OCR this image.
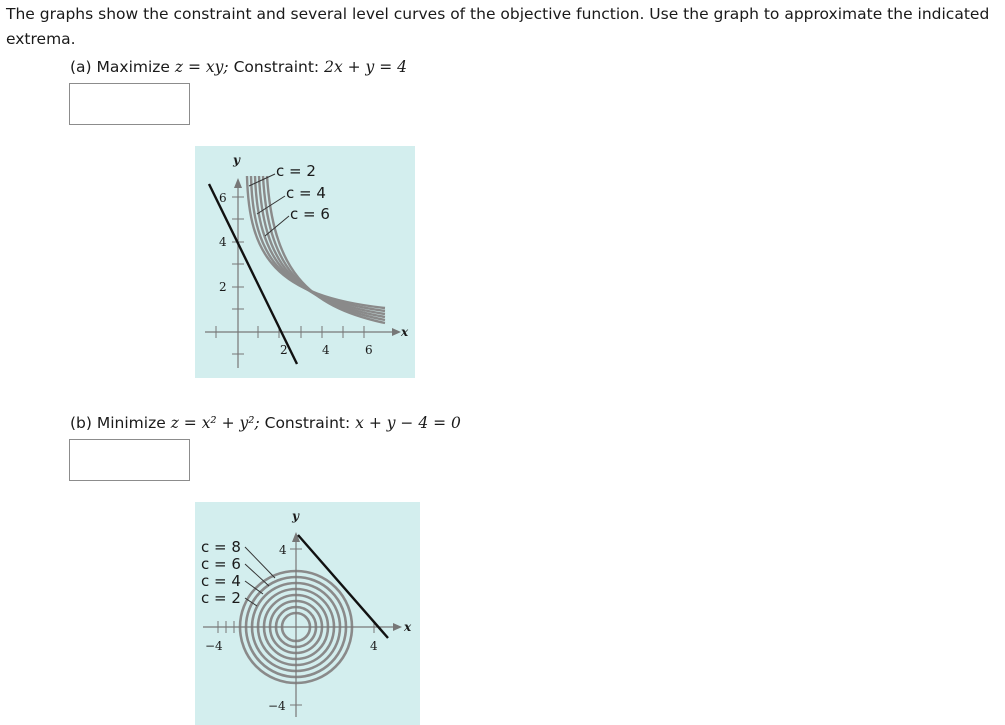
The graphs show the constraint and several level curves of the objective function. Use the graph to approximate the indicated extrema.
(a) Maximize z = xy; Constraint: 2x + y = 4
c = 2
c = 4
c = 6
2	4	6
2
4
6
x
y
(b) Minimize z = x² + y²; Constraint: x + y − 4 = 0
c = 8
c = 6
c = 4
c = 2
−4	4
4
−4
x
y
